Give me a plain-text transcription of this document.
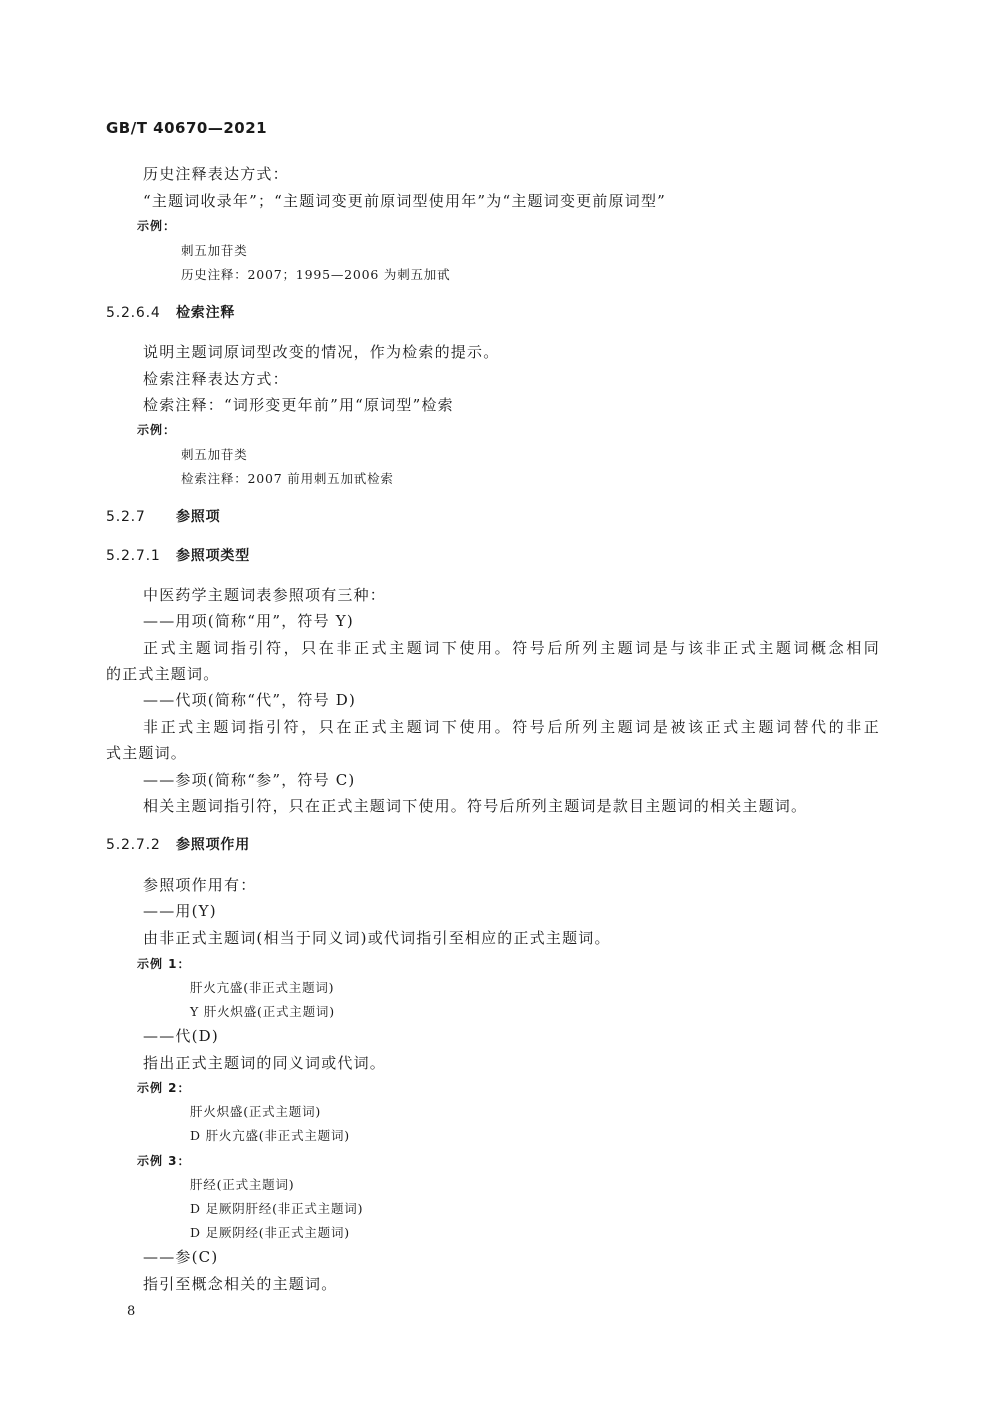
GB/T 40670—2021
历史注释表达方式：
“主题词收录年”；“主题词变更前原词型使用年”为“主题词变更前原词型”
示例：
刺五加苷类
历史注释：2007；1995—2006 为刺五加甙
5.2.6.4 检索注释
说明主题词原词型改变的情况，作为检索的提示。
检索注释表达方式：
检索注释：“词形变更年前”用“原词型”检索
示例：
刺五加苷类
检索注释：2007 前用刺五加甙检索
5.2.7 参照项
5.2.7.1 参照项类型
中医药学主题词表参照项有三种：
——用项(简称“用”，符号 Y)
正式主题词指引符，只在非正式主题词下使用。符号后所列主题词是与该非正式主题词概念相同
的正式主题词。
——代项(简称“代”，符号 D)
非正式主题词指引符，只在正式主题词下使用。符号后所列主题词是被该正式主题词替代的非正
式主题词。
——参项(简称“参”，符号 C)
相关主题词指引符，只在正式主题词下使用。符号后所列主题词是款目主题词的相关主题词。
5.2.7.2 参照项作用
参照项作用有：
——用(Y)
由非正式主题词(相当于同义词)或代词指引至相应的正式主题词。
示例 1：
肝火亢盛(非正式主题词)
Y 肝火炽盛(正式主题词)
——代(D)
指出正式主题词的同义词或代词。
示例 2：
肝火炽盛(正式主题词)
D 肝火亢盛(非正式主题词)
示例 3：
肝经(正式主题词)
D 足厥阴肝经(非正式主题词)
D 足厥阴经(非正式主题词)
——参(C)
指引至概念相关的主题词。
8
